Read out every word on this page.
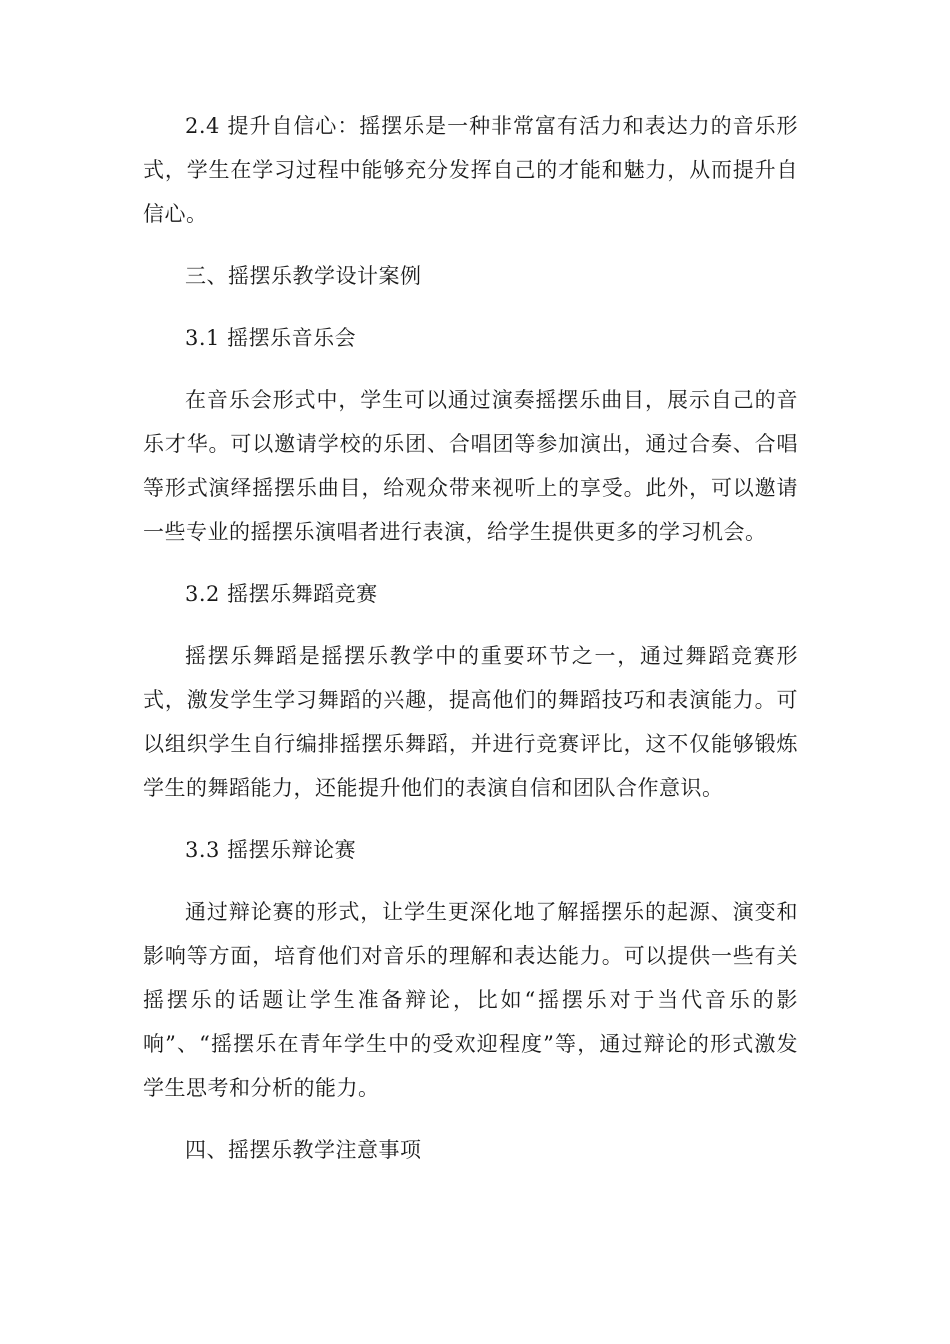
2.4 提升自信心：摇摆乐是一种非常富有活力和表达力的音乐形式，学生在学习过程中能够充分发挥自己的才能和魅力，从而提升自信心。

三、摇摆乐教学设计案例

3.1 摇摆乐音乐会

在音乐会形式中，学生可以通过演奏摇摆乐曲目，展示自己的音乐才华。可以邀请学校的乐团、合唱团等参加演出，通过合奏、合唱等形式演绎摇摆乐曲目，给观众带来视听上的享受。此外，可以邀请一些专业的摇摆乐演唱者进行表演，给学生提供更多的学习机会。

3.2 摇摆乐舞蹈竞赛

摇摆乐舞蹈是摇摆乐教学中的重要环节之一，通过舞蹈竞赛形式，激发学生学习舞蹈的兴趣，提高他们的舞蹈技巧和表演能力。可以组织学生自行编排摇摆乐舞蹈，并进行竞赛评比，这不仅能够锻炼学生的舞蹈能力，还能提升他们的表演自信和团队合作意识。

3.3 摇摆乐辩论赛

通过辩论赛的形式，让学生更深化地了解摇摆乐的起源、演变和影响等方面，培育他们对音乐的理解和表达能力。可以提供一些有关摇摆乐的话题让学生准备辩论，比如“摇摆乐对于当代音乐的影响”、“摇摆乐在青年学生中的受欢迎程度”等，通过辩论的形式激发学生思考和分析的能力。

四、摇摆乐教学注意事项
